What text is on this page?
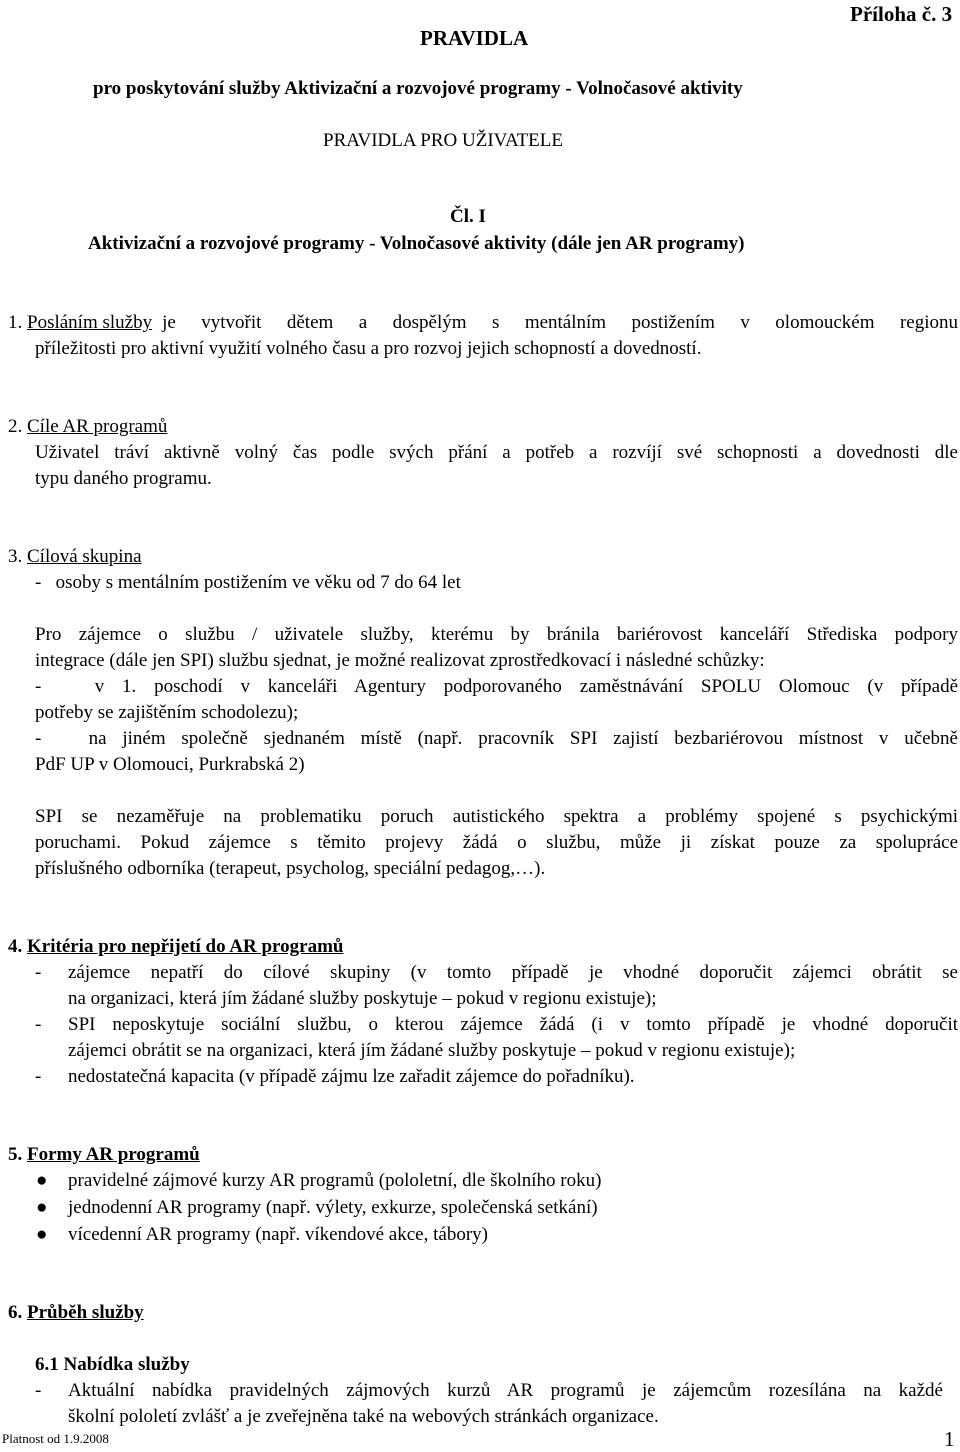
PRAVIDLA
Příloha č. 3
pro poskytování služby Aktivizační a rozvojové programy - Volnočasové aktivity
PRAVIDLA PRO UŽIVATELE
Čl. I
Aktivizační a rozvojové programy - Volnočasové aktivity (dále jen AR programy)
1. Posláním služby je vytvořit dětem a dospělým s mentálním postižením v olomouckém regionu
příležitosti pro aktivní využití volného času a pro rozvoj jejich schopností a dovedností.
2. Cíle AR programů
Uživatel tráví aktivně volný čas podle svých přání a potřeb a rozvíjí své schopnosti a dovednosti dle
typu daného programu.
3. Cílová skupina
-   osoby s mentálním postižením ve věku od 7 do 64 let
Pro zájemce o službu / uživatele služby, kterému by bránila bariérovost kanceláří Střediska podpory
integrace (dále jen SPI) službu sjednat, je možné realizovat zprostředkovací i následné schůzky:
-   v 1. poschodí v kanceláři Agentury podporovaného zaměstnávání SPOLU Olomouc (v případě
potřeby se zajištěním schodolezu);
-   na jiném společně sjednaném místě (např. pracovník SPI zajistí bezbariérovou místnost v učebně
PdF UP v Olomouci, Purkrabská 2)
SPI se nezaměřuje na problematiku poruch autistického spektra a problémy spojené s psychickými
poruchami. Pokud zájemce s těmito projevy žádá o službu, může ji získat pouze za spolupráce
příslušného odborníka (terapeut, psycholog, speciální pedagog,…).
4. Kritéria pro nepřijetí do AR programů
- zájemce nepatří do cílové skupiny (v tomto případě je vhodné doporučit zájemci obrátit se
na organizaci, která jím žádané služby poskytuje – pokud v regionu existuje);
- SPI neposkytuje sociální službu, o kterou zájemce žádá (i v tomto případě je vhodné doporučit
zájemci obrátit se na organizaci, která jím žádané služby poskytuje – pokud v regionu existuje);
- nedostatečná kapacita (v případě zájmu lze zařadit zájemce do pořadníku).
5. Formy AR programů
● pravidelné zájmové kurzy AR programů (pololetní, dle školního roku)
● jednodenní AR programy (např. výlety, exkurze, společenská setkání)
● vícedenní AR programy (např. víkendové akce, tábory)
6. Průběh služby
6.1 Nabídka služby
- Aktuální nabídka pravidelných zájmových kurzů AR programů je zájemcům rozesílána na každé
školní pololetí zvlášť a je zveřejněna také na webových stránkách organizace.
Platnost od 1.9.2008	1
